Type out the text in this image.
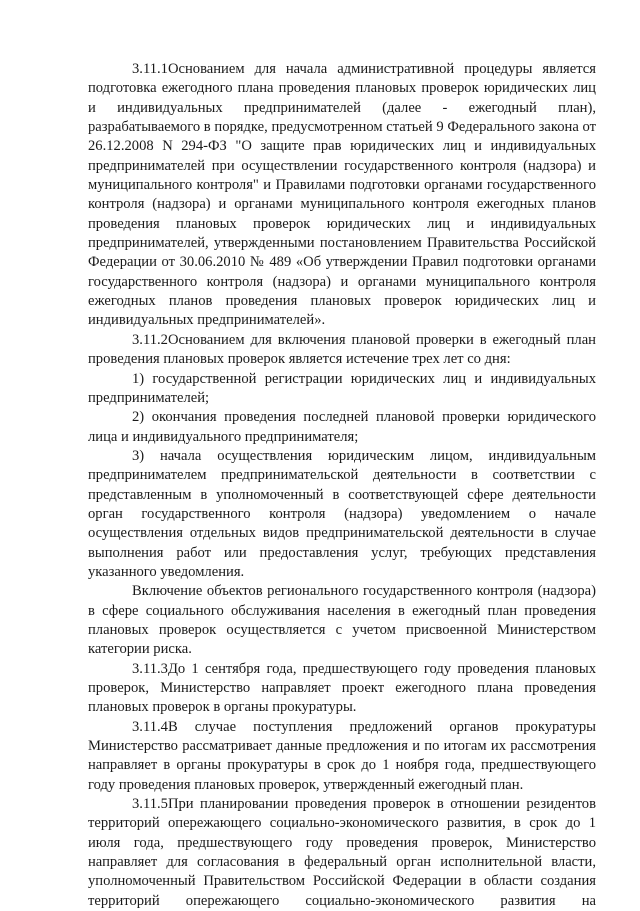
3.11.1Основанием для начала административной процедуры является подготовка ежегодного плана проведения плановых проверок юридических лиц и индивидуальных предпринимателей (далее - ежегодный план), разрабатываемого в порядке, предусмотренном статьей 9 Федерального закона от 26.12.2008 N 294-ФЗ "О защите прав юридических лиц и индивидуальных предпринимателей при осуществлении государственного контроля (надзора) и муниципального контроля" и Правилами подготовки органами государственного контроля (надзора) и органами муниципального контроля ежегодных планов проведения плановых проверок юридических лиц и индивидуальных предпринимателей, утвержденными постановлением Правительства Российской Федерации от 30.06.2010 № 489 «Об утверждении Правил подготовки органами государственного контроля (надзора) и органами муниципального контроля ежегодных планов проведения плановых проверок юридических лиц и индивидуальных предпринимателей».

3.11.2Основанием для включения плановой проверки в ежегодный план проведения плановых проверок является истечение трех лет со дня:

1) государственной регистрации юридических лиц и индивидуальных предпринимателей;

2) окончания проведения последней плановой проверки юридического лица и индивидуального предпринимателя;

3) начала осуществления юридическим лицом, индивидуальным предпринимателем предпринимательской деятельности в соответствии с представленным в уполномоченный в соответствующей сфере деятельности орган государственного контроля (надзора) уведомлением о начале осуществления отдельных видов предпринимательской деятельности в случае выполнения работ или предоставления услуг, требующих представления указанного уведомления.

Включение объектов регионального государственного контроля (надзора) в сфере социального обслуживания населения в ежегодный план проведения плановых проверок осуществляется с учетом присвоенной Министерством категории риска.

3.11.3До 1 сентября года, предшествующего году проведения плановых проверок, Министерство направляет проект ежегодного плана проведения плановых проверок в органы прокуратуры.

3.11.4В случае поступления предложений органов прокуратуры Министерство рассматривает данные предложения и по итогам их рассмотрения направляет в органы прокуратуры в срок до 1 ноября года, предшествующего году проведения плановых проверок, утвержденный ежегодный план.

3.11.5При планировании проведения проверок в отношении резидентов территорий опережающего социально-экономического развития, в срок до 1 июля года, предшествующего году проведения проверок, Министерство направляет для согласования в федеральный орган исполнительной власти, уполномоченный Правительством Российской Федерации в области создания территорий опережающего социально-экономического развития на
